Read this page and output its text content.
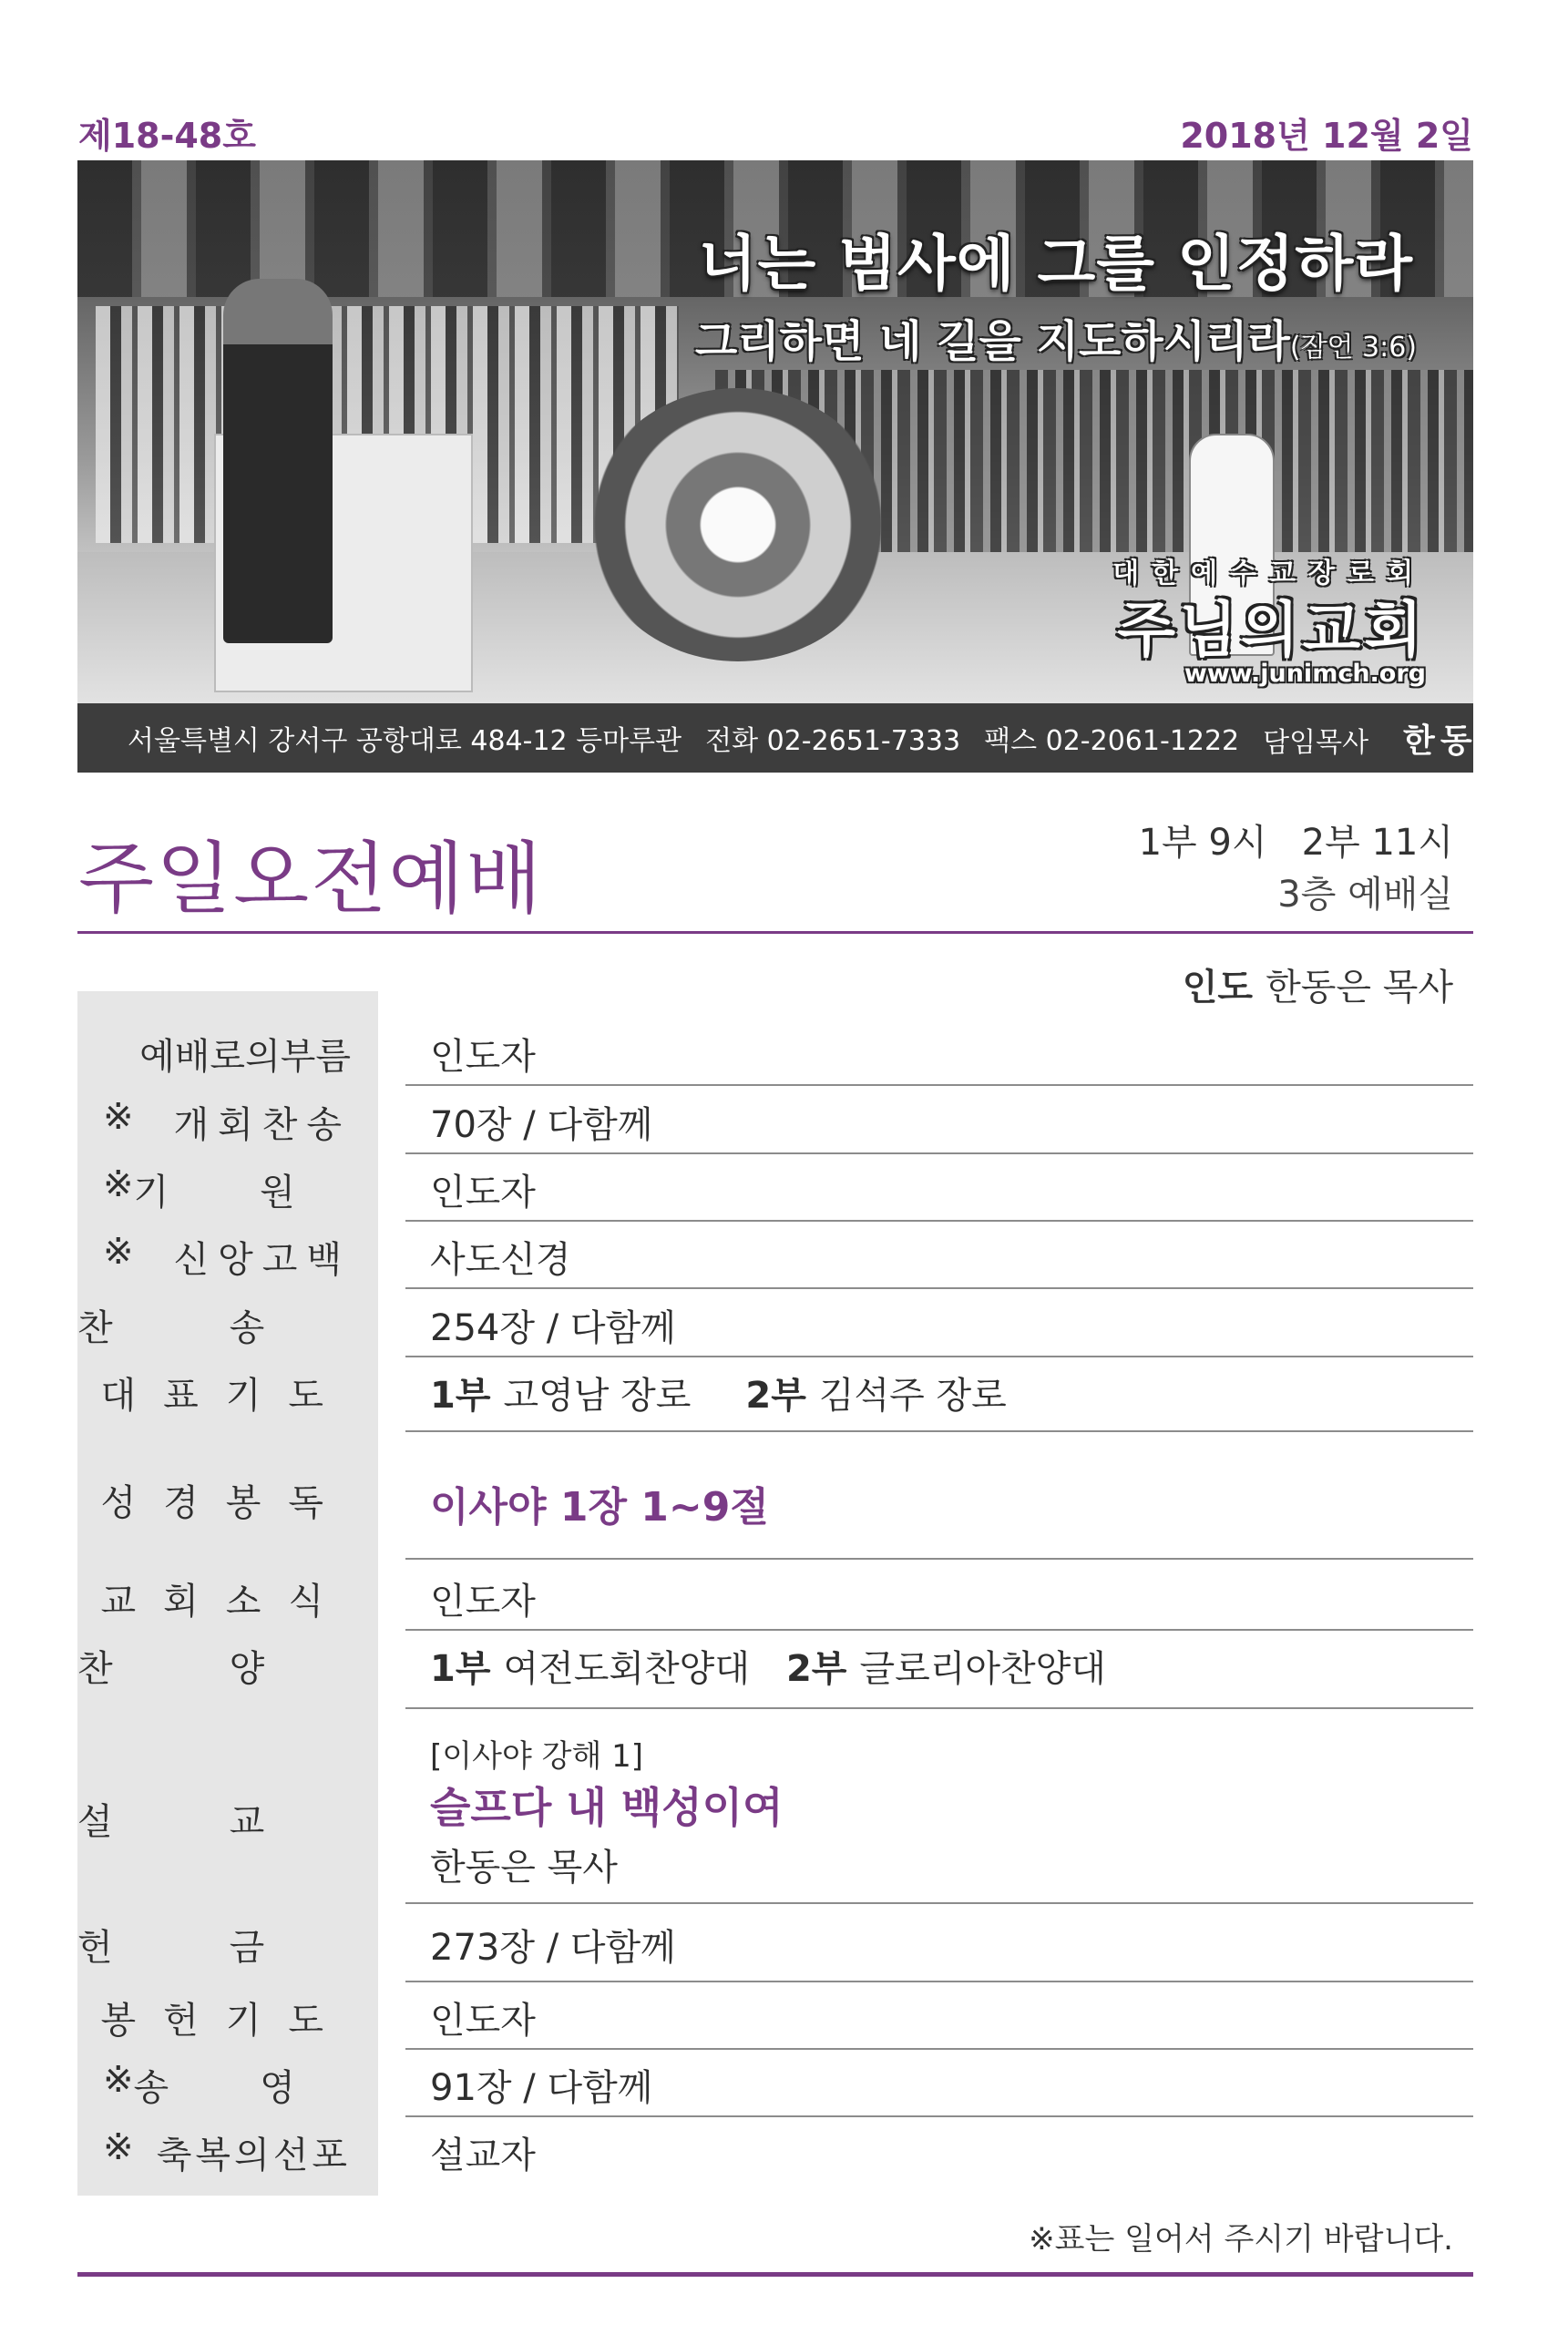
제18-48호	2018년 12월 2일
너는 범사에 그를 인정하라
그리하면 네 길을 지도하시리라(잠언 3:6)
대한예수교장로회
주님의교회
www.junimch.org
서울특별시 강서구 공항대로 484-12 등마루관 전화 02-2651-7333 팩스 02-2061-1222 담임목사 한동은
주일오전예배	1부 9시   2부 11시
3층 예배실
인도 한동은 목사
예배로의부름 인도자
※ 개회찬송 70장 / 다함께
※ 기원 인도자
※ 신앙고백 사도신경
찬송 254장 / 다함께
대표기도 1부 고영남 장로 2부 김석주 장로
성경봉독 이사야 1장 1~9절
교회소식 인도자
찬양 1부 여전도회찬양대 2부 글로리아찬양대
설교
[이사야 강해 1]
슬프다 내 백성이여
한동은 목사
헌금 273장 / 다함께
봉헌기도 인도자
※ 송영 91장 / 다함께
※ 축복의선포 설교자
※표는 일어서 주시기 바랍니다.
